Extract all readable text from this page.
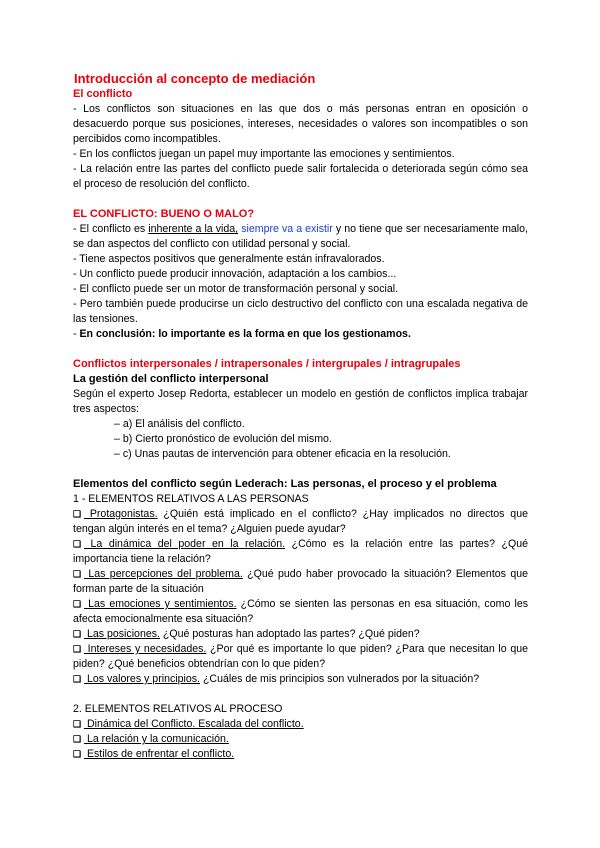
Introducción al concepto de mediación
El conflicto

- Los conflictos son situaciones en las que dos o más personas entran en oposición o desacuerdo porque sus posiciones, intereses, necesidades o valores son incompatibles o son percibidos como incompatibles.

- En los conflictos juegan un papel muy importante las emociones y sentimientos.

- La relación entre las partes del conflicto puede salir fortalecida o deteriorada según cómo sea el proceso de resolución del conflicto.

EL CONFLICTO: BUENO O MALO?

- El conflicto es inherente a la vida, siempre va a existir y no tiene que ser necesariamente malo, se dan aspectos del conflicto con utilidad personal y social.

- Tiene aspectos positivos que generalmente están infravalorados.

- Un conflicto puede producir innovación, adaptación a los cambios...

- El conflicto puede ser un motor de transformación personal y social.

- Pero también puede producirse un ciclo destructivo del conflicto con una escalada negativa de las tensiones.

- En conclusión: lo importante es la forma en que los gestionamos.

Conflictos interpersonales / intrapersonales / intergrupales / intragrupales
La gestión del conflicto interpersonal

Según el experto Josep Redorta, establecer un modelo en gestión de conflictos implica trabajar tres aspectos:

– a) El análisis del conflicto.
– b) Cierto pronóstico de evolución del mismo.
– c) Unas pautas de intervención para obtener eficacia en la resolución.
Elementos del conflicto según Lederach: Las personas, el proceso y el problema
1 - ELEMENTOS RELATIVOS A LAS PERSONAS

❑ Protagonistas. ¿Quién está implicado en el conflicto? ¿Hay implicados no directos que tengan algún interés en el tema? ¿Alguien puede ayudar?

❑ La dinámica del poder en la relación. ¿Cómo es la relación entre las partes? ¿Qué importancia tiene la relación?

❑ Las percepciones del problema. ¿Qué pudo haber provocado la situación? Elementos que forman parte de la situación

❑ Las emociones y sentimientos. ¿Cómo se sienten las personas en esa situación, como les afecta emocionalmente esa situación?

❑ Las posiciones. ¿Qué posturas han adoptado las partes? ¿Qué piden?

❑ Intereses y necesidades. ¿Por qué es importante lo que piden? ¿Para que necesitan lo que piden? ¿Qué beneficios obtendrían con lo que piden?

❑ Los valores y principios. ¿Cuáles de mis principios son vulnerados por la situación?

2. ELEMENTOS RELATIVOS AL PROCESO

❑ Dinámica del Conflicto. Escalada del conflicto.

❑ La relación y la comunicación.

❑ Estilos de enfrentar el conflicto.
